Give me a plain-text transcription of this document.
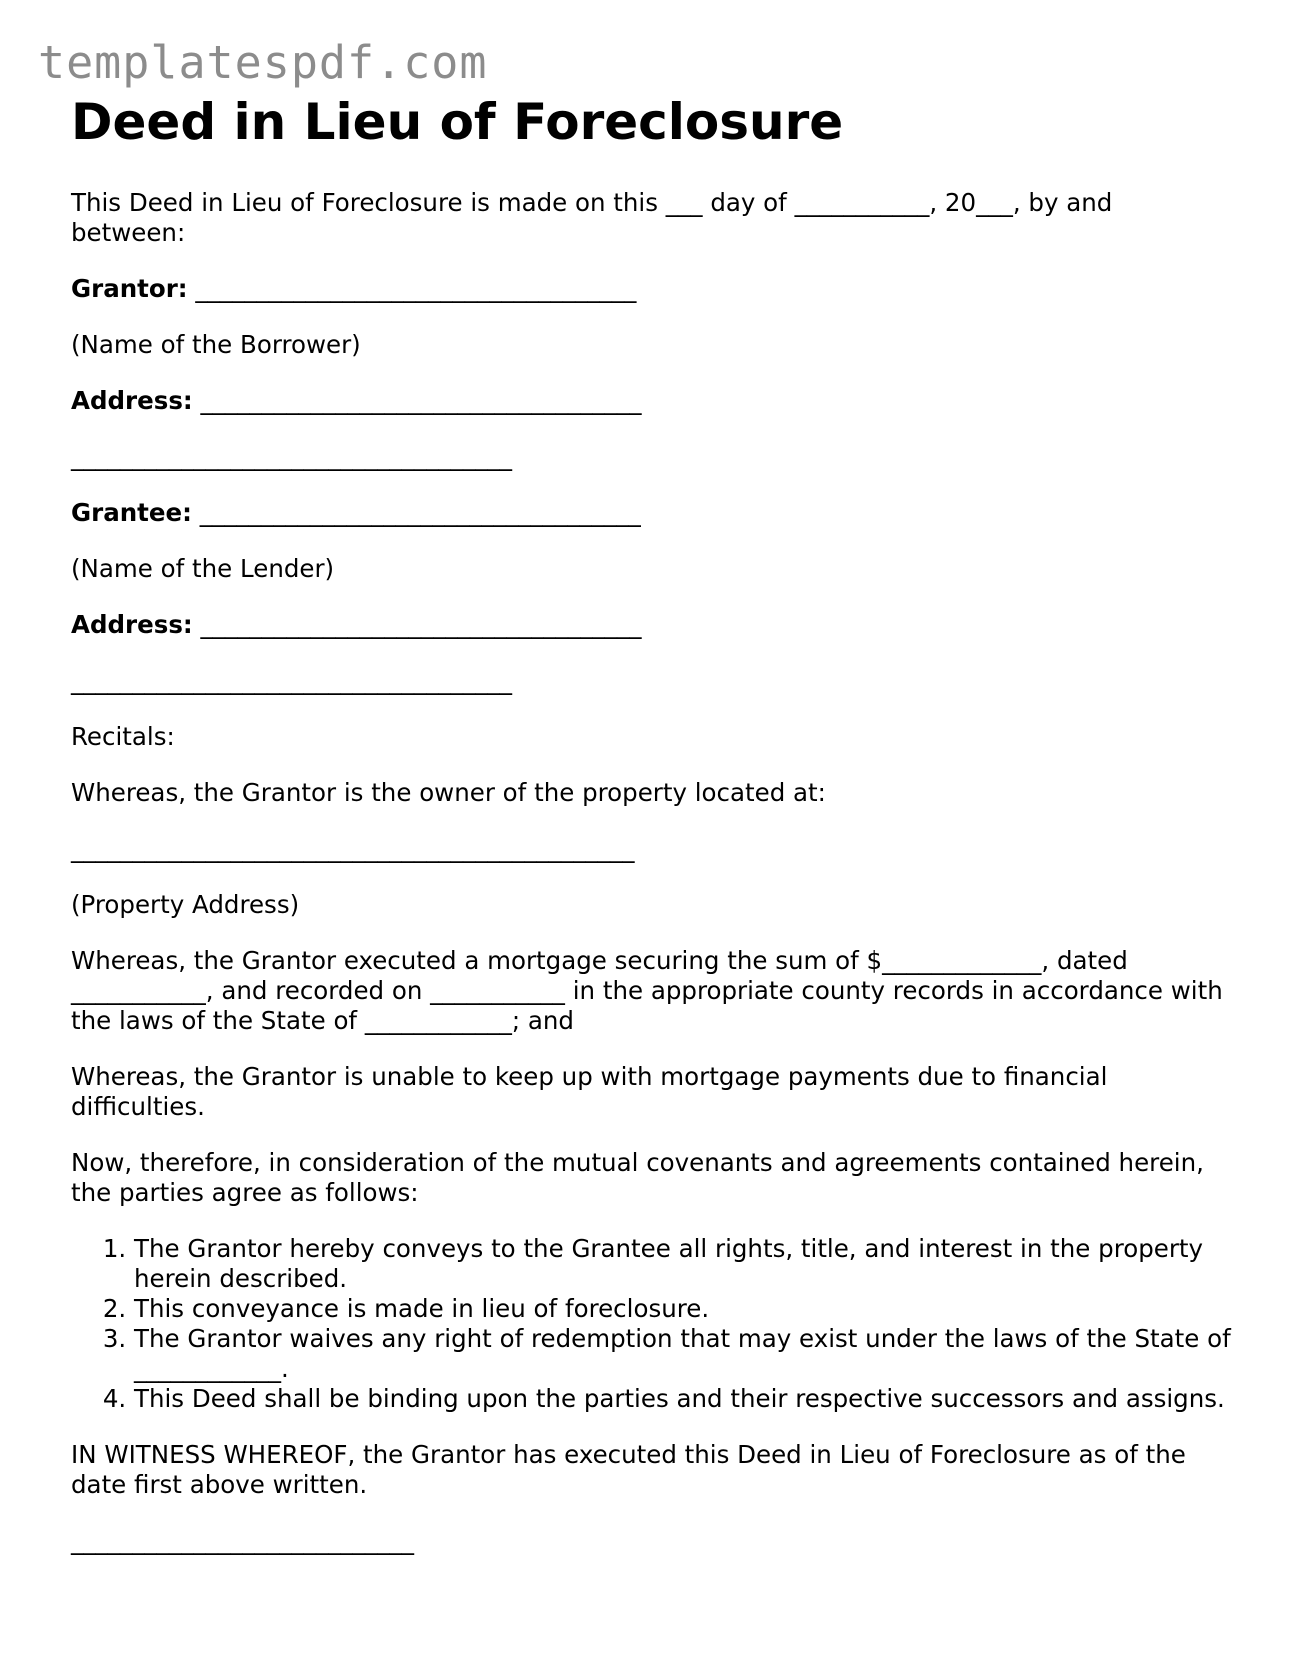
templatespdf.com
Deed in Lieu of Foreclosure

This Deed in Lieu of Foreclosure is made on this ___ day of ___________, 20___, by and between:

Grantor: ____________________________________

(Name of the Borrower)

Address: ____________________________________

____________________________________

Grantee: ____________________________________

(Name of the Lender)

Address: ____________________________________

____________________________________

Recitals:

Whereas, the Grantor is the owner of the property located at:

______________________________________________

(Property Address)

Whereas, the Grantor executed a mortgage securing the sum of $_____________, dated ___________, and recorded on ___________ in the appropriate county records in accordance with the laws of the State of ____________; and

Whereas, the Grantor is unable to keep up with mortgage payments due to financial difficulties.

Now, therefore, in consideration of the mutual covenants and agreements contained herein, the parties agree as follows:

1. The Grantor hereby conveys to the Grantee all rights, title, and interest in the property herein described.
2. This conveyance is made in lieu of foreclosure.
3. The Grantor waives any right of redemption that may exist under the laws of the State of ____________.
4. This Deed shall be binding upon the parties and their respective successors and assigns.

IN WITNESS WHEREOF, the Grantor has executed this Deed in Lieu of Foreclosure as of the date first above written.

____________________________
